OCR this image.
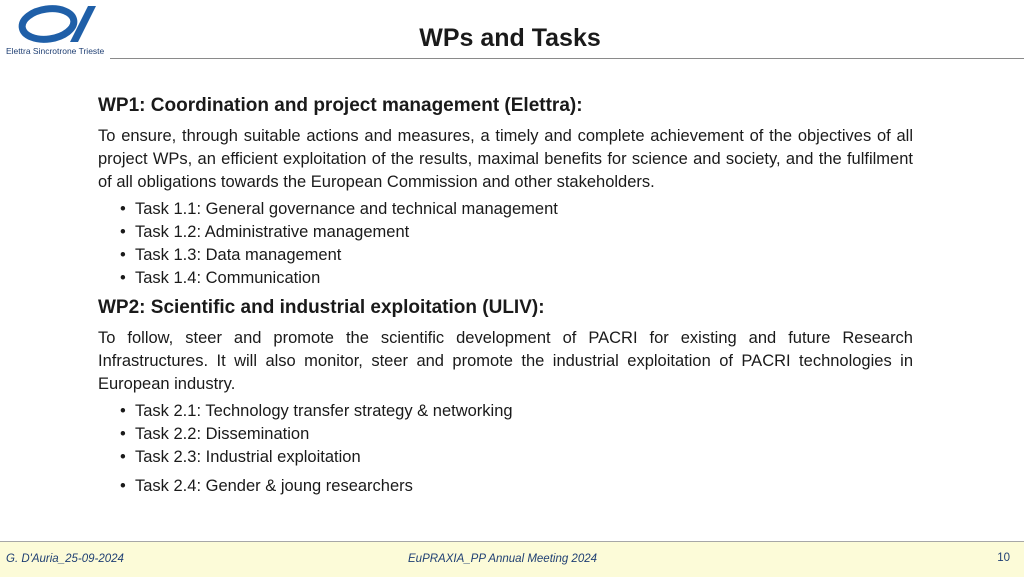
Elettra Sincrotrone Trieste	WPs and Tasks

WP1: Coordination and project management (Elettra):

To ensure, through suitable actions and measures, a timely and complete achievement of the objectives of all project WPs, an efficient exploitation of the results, maximal benefits for science and society, and the fulfilment of all obligations towards the European Commission and other stakeholders.

• Task 1.1: General governance and technical management
• Task 1.2: Administrative management
• Task 1.3: Data management
• Task 1.4: Communication

WP2: Scientific and industrial exploitation (ULIV):

To follow, steer and promote the scientific development of PACRI for existing and future Research Infrastructures. It will also monitor, steer and promote the industrial exploitation of PACRI technologies in European industry.

• Task 2.1: Technology transfer strategy & networking
• Task 2.2: Dissemination
• Task 2.3: Industrial exploitation
• Task 2.4: Gender & joung researchers
G. D'Auria_25-09-2024	EuPRAXIA_PP Annual Meeting 2024	10
